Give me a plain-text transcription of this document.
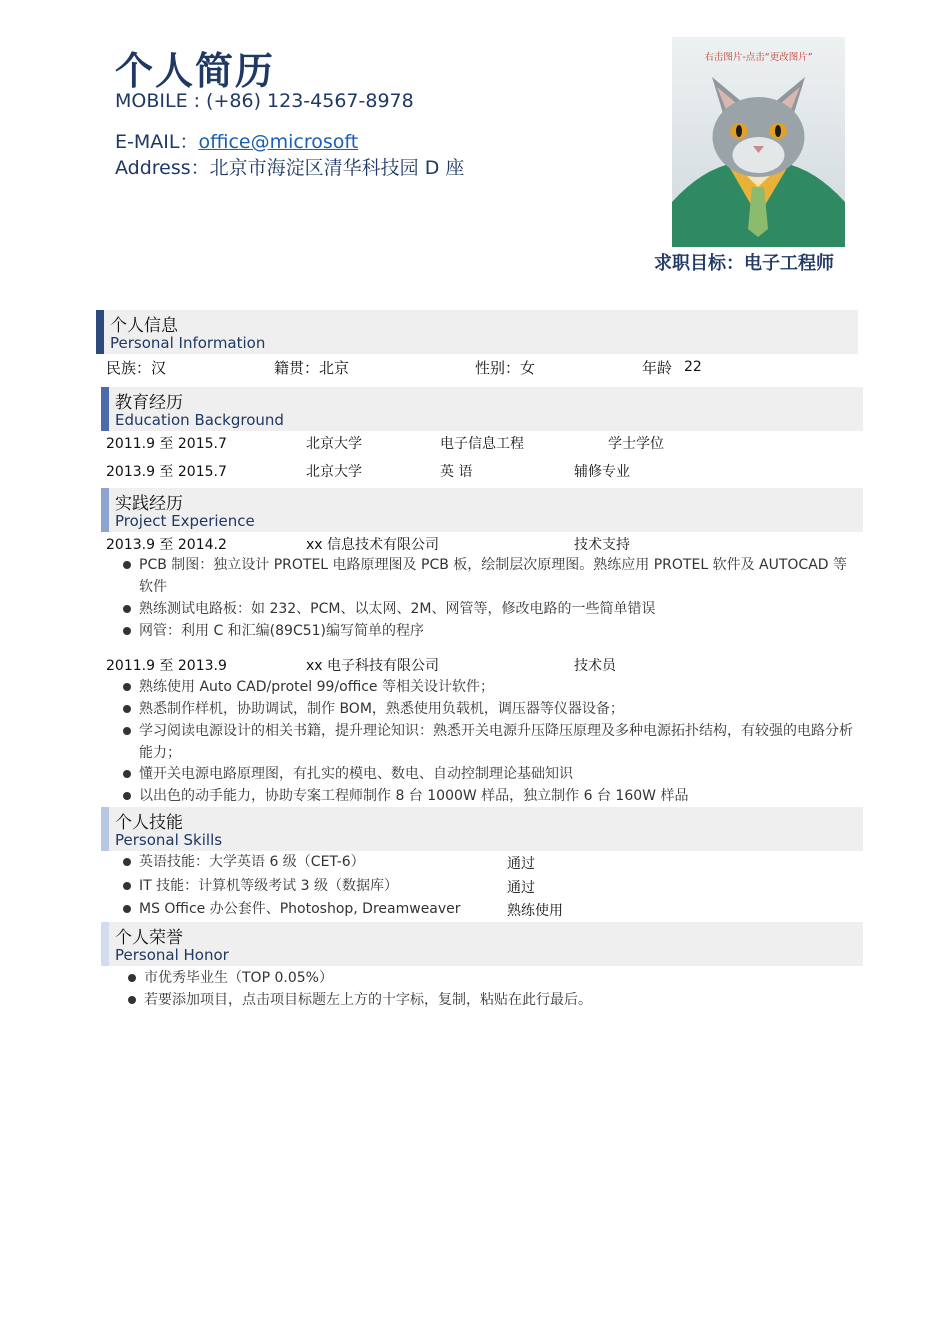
个人简历
MOBILE : (+86) 123-4567-8978
E-MAIL：office@microsoft
Address：北京市海淀区清华科技园 D 座
右击图片-点击“更改图片”
求职目标：电子工程师
个人信息
Personal Information
民族：汉	籍贯：北京	性别：女	年龄 22
教育经历
Education Background
2011.9 至 2015.7	北京大学	电子信息工程	学士学位
2013.9 至 2015.7	北京大学	英 语	辅修专业
实践经历
Project Experience
2013.9 至 2014.2	xx 信息技术有限公司	技术支持
PCB 制图：独立设计 PROTEL 电路原理图及 PCB 板，绘制层次原理图。熟练应用 PROTEL 软件及 AUTOCAD 等软件
熟练测试电路板：如 232、PCM、以太网、2M、网管等，修改电路的一些简单错误
网管：利用 C 和汇编(89C51)编写简单的程序
2011.9 至 2013.9	xx 电子科技有限公司	技术员
熟练使用 Auto CAD/protel 99/office 等相关设计软件；
熟悉制作样机，协助调试，制作 BOM，熟悉使用负载机，调压器等仪器设备；
学习阅读电源设计的相关书籍，提升理论知识：熟悉开关电源升压降压原理及多种电源拓扑结构，有较强的电路分析能力；
懂开关电源电路原理图，有扎实的模电、数电、自动控制理论基础知识
以出色的动手能力，协助专案工程师制作 8 台 1000W 样品，独立制作 6 台 160W 样品
个人技能
Personal Skills
英语技能：大学英语 6 级（CET-6）	通过
IT 技能：计算机等级考试 3 级（数据库）	通过
MS Office 办公套件、Photoshop, Dreamweaver	熟练使用
个人荣誉
Personal Honor
市优秀毕业生（TOP 0.05%）
若要添加项目，点击项目标题左上方的十字标，复制，粘贴在此行最后。
